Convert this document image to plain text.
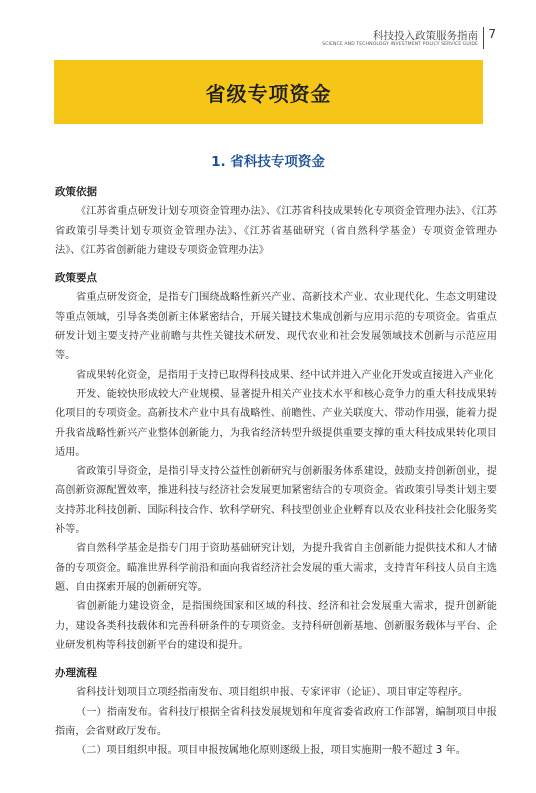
科技投入政策服务指南
SCIENCE AND TECHNOLOGY INVESTMENT POLICY SERVICE GUIDE
7
省级专项资金
1. 省科技专项资金
政策依据
《江苏省重点研发计划专项资金管理办法》、《江苏省科技成果转化专项资金管理办法》、《江苏省政策引导类计划专项资金管理办法》、《江苏省基础研究（省自然科学基金）专项资金管理办法》、《江苏省创新能力建设专项资金管理办法》
政策要点
省重点研发资金，是指专门围绕战略性新兴产业、高新技术产业、农业现代化、生态文明建设等重点领域，引导各类创新主体紧密结合，开展关键技术集成创新与应用示范的专项资金。省重点研发计划主要支持产业前瞻与共性关键技术研发、现代农业和社会发展领域技术创新与示范应用等。
省成果转化资金，是指用于支持已取得科技成果、经中试并进入产业化开发或直接进入产业化
开发、能较快形成较大产业规模、显著提升相关产业技术水平和核心竞争力的重大科技成果转化项目的专项资金。高新技术产业中具有战略性、前瞻性、产业关联度大、带动作用强，能着力提升我省战略性新兴产业整体创新能力，为我省经济转型升级提供重要支撑的重大科技成果转化项目适用。
省政策引导资金，是指引导支持公益性创新研究与创新服务体系建设，鼓励支持创新创业，提高创新资源配置效率，推进科技与经济社会发展更加紧密结合的专项资金。省政策引导类计划主要支持苏北科技创新、国际科技合作、软科学研究、科技型创业企业孵育以及农业科技社会化服务奖补等。
省自然科学基金是指专门用于资助基础研究计划，为提升我省自主创新能力提供技术和人才储备的专项资金。瞄准世界科学前沿和面向我省经济社会发展的重大需求，支持青年科技人员自主选题、自由探索开展的创新研究等。
省创新能力建设资金，是指围绕国家和区域的科技、经济和社会发展重大需求，提升创新能力，建设各类科技载体和完善科研条件的专项资金。支持科研创新基地、创新服务载体与平台、企业研发机构等科技创新平台的建设和提升。
办理流程
省科技计划项目立项经指南发布、项目组织申报、专家评审（论证）、项目审定等程序。
（一）指南发布。省科技厅根据全省科技发展规划和年度省委省政府工作部署，编制项目申报指南，会省财政厅发布。
（二）项目组织申报。项目申报按属地化原则逐级上报，项目实施期一般不超过 3 年。
